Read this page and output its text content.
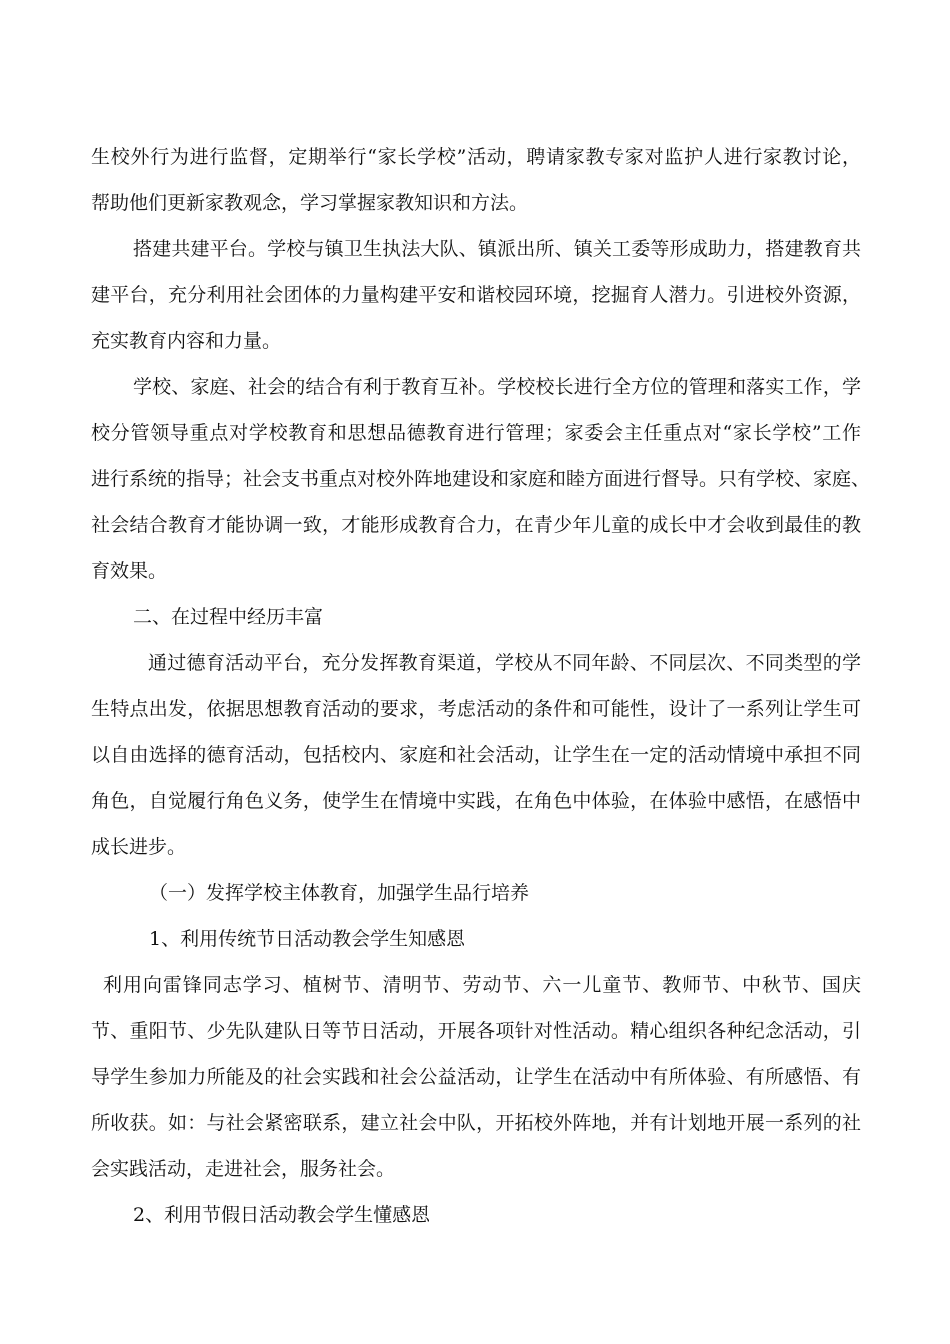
生校外行为进行监督，定期举行“家长学校”活动，聘请家教专家对监护人进行家教讨论，

帮助他们更新家教观念，学习掌握家教知识和方法。

搭建共建平台。学校与镇卫生执法大队、镇派出所、镇关工委等形成助力，搭建教育共

建平台，充分利用社会团体的力量构建平安和谐校园环境，挖掘育人潜力。引进校外资源，

充实教育内容和力量。

学校、家庭、社会的结合有利于教育互补。学校校长进行全方位的管理和落实工作，学

校分管领导重点对学校教育和思想品德教育进行管理；家委会主任重点对“家长学校”工作

进行系统的指导；社会支书重点对校外阵地建设和家庭和睦方面进行督导。只有学校、家庭、

社会结合教育才能协调一致，才能形成教育合力，在青少年儿童的成长中才会收到最佳的教

育效果。

二、在过程中经历丰富

通过德育活动平台，充分发挥教育渠道，学校从不同年龄、不同层次、不同类型的学

生特点出发，依据思想教育活动的要求，考虑活动的条件和可能性，设计了一系列让学生可

以自由选择的德育活动，包括校内、家庭和社会活动，让学生在一定的活动情境中承担不同

角色，自觉履行角色义务，使学生在情境中实践，在角色中体验，在体验中感悟，在感悟中

成长进步。

（一）发挥学校主体教育，加强学生品行培养

1、利用传统节日活动教会学生知感恩

利用向雷锋同志学习、植树节、清明节、劳动节、六一儿童节、教师节、中秋节、国庆

节、重阳节、少先队建队日等节日活动，开展各项针对性活动。精心组织各种纪念活动，引

导学生参加力所能及的社会实践和社会公益活动，让学生在活动中有所体验、有所感悟、有

所收获。如：与社会紧密联系，建立社会中队，开拓校外阵地，并有计划地开展一系列的社

会实践活动，走进社会，服务社会。

2、利用节假日活动教会学生懂感恩
